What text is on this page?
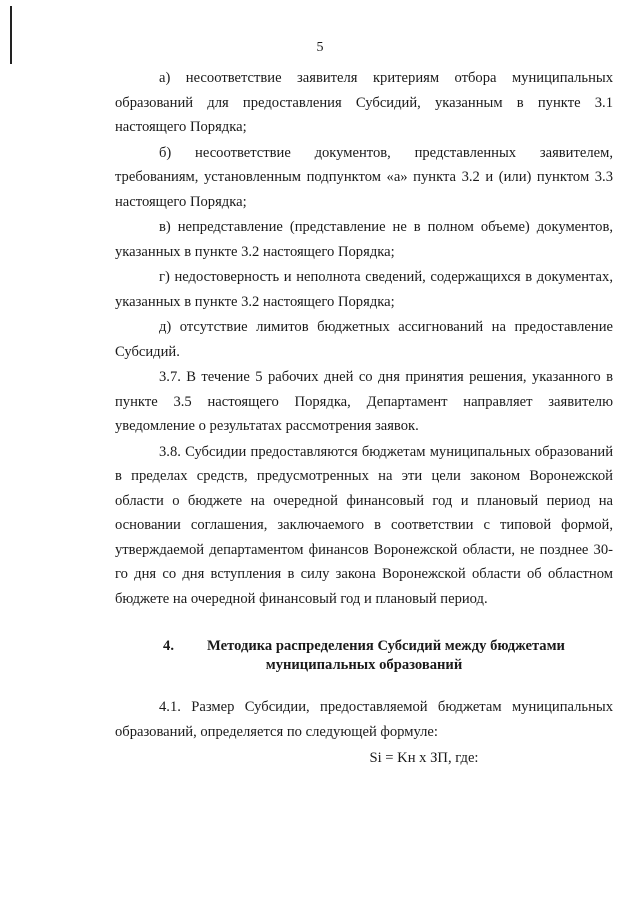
5

а) несоответствие заявителя критериям отбора муниципальных образований для предоставления Субсидий, указанным в пункте 3.1 настоящего Порядка;

б) несоответствие документов, представленных заявителем, требованиям, установленным подпунктом «а» пункта 3.2 и (или) пунктом 3.3 настоящего Порядка;

в) непредставление (представление не в полном объеме) документов, указанных в пункте 3.2 настоящего Порядка;

г) недостоверность и неполнота сведений, содержащихся в документах, указанных в пункте 3.2 настоящего Порядка;

д) отсутствие лимитов бюджетных ассигнований на предоставление Субсидий.

3.7. В течение 5 рабочих дней со дня принятия решения, указанного в пункте 3.5 настоящего Порядка, Департамент направляет заявителю уведомление о результатах рассмотрения заявок.

3.8. Субсидии предоставляются бюджетам муниципальных образований в пределах средств, предусмотренных на эти цели законом Воронежской области о бюджете на очередной финансовый год и плановый период на основании соглашения, заключаемого в соответствии с типовой формой, утверждаемой департаментом финансов Воронежской области, не позднее 30-го дня со дня вступления в силу закона Воронежской области об областном бюджете на очередной финансовый год и плановый период.

4. Методика распределения Субсидий между бюджетами
муниципальных образований

4.1. Размер Субсидии, предоставляемой бюджетам муниципальных образований, определяется по следующей формуле:

Si = Kн х ЗП, где:
